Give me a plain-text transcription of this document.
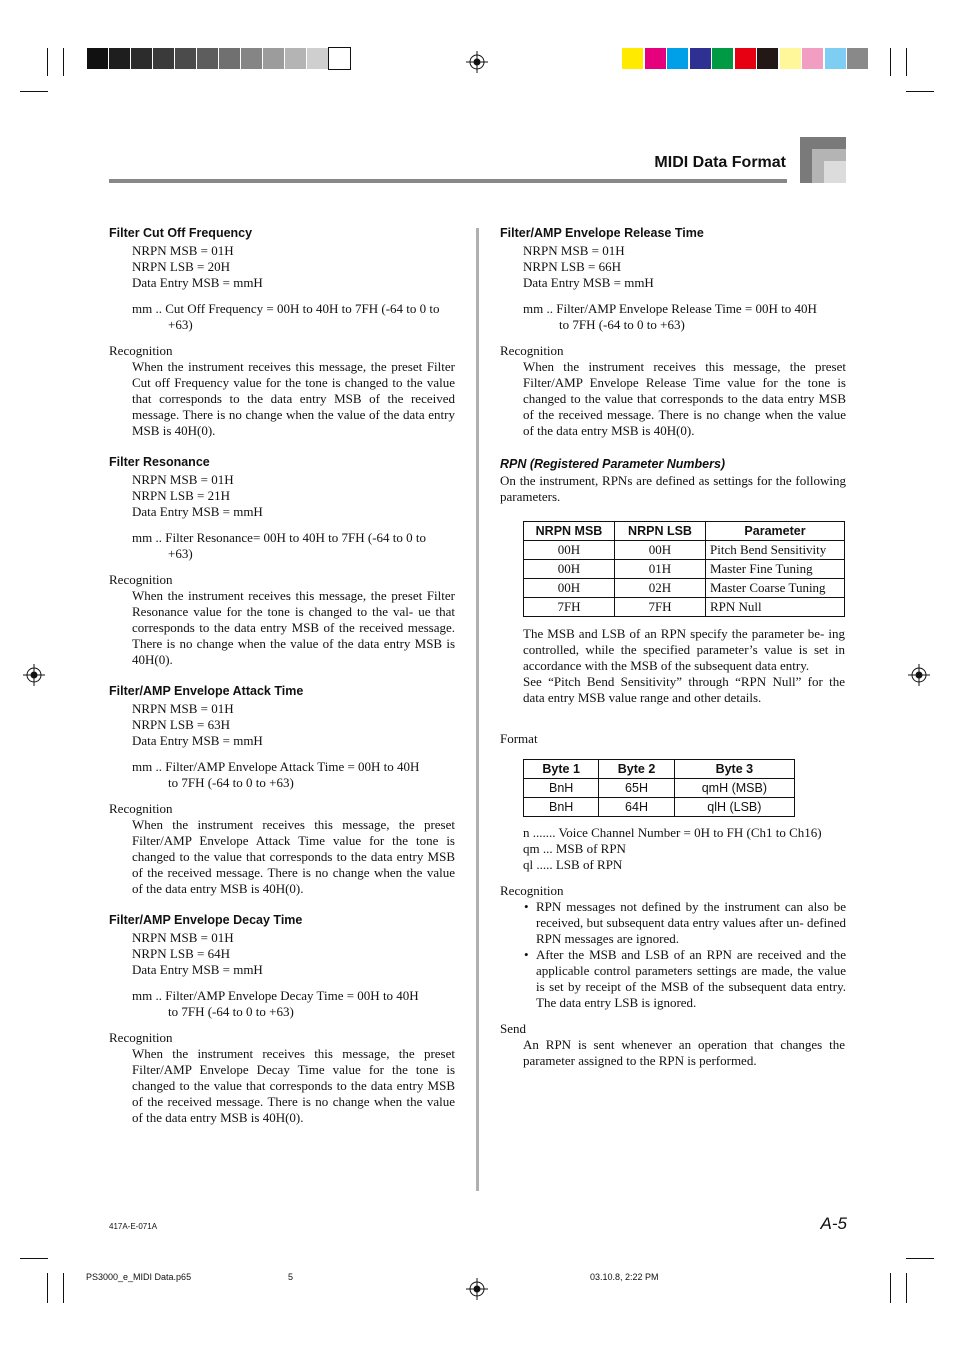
MIDI Data Format
Filter Cut Off Frequency

NRPN MSB = 01H

NRPN LSB = 20H

Data Entry MSB = mmH

mm .. Cut Off Frequency = 00H to 40H to 7FH (-64 to 0 to

+63)

Recognition
When the instrument receives this message, the preset Filter Cut off Frequency value for the tone is changed to the value that corresponds to the data entry MSB of the received message. There is no change when the value of the data entry MSB is 40H(0).
Filter Resonance

NRPN MSB = 01H

NRPN LSB = 21H

Data Entry MSB = mmH

mm .. Filter Resonance= 00H to 40H to 7FH (-64 to 0 to

+63)

Recognition
When the instrument receives this message, the preset Filter Resonance value for the tone is changed to the val- ue that corresponds to the data entry MSB of the received message. There is no change when the value of the data entry MSB is 40H(0).
Filter/AMP Envelope Attack Time

NRPN MSB = 01H

NRPN LSB = 63H

Data Entry MSB = mmH

mm .. Filter/AMP Envelope Attack Time = 00H to 40H

to 7FH (-64 to 0 to +63)

Recognition
When the instrument receives this message, the preset Filter/AMP Envelope Attack Time value for the tone is changed to the value that corresponds to the data entry MSB of the received message. There is no change when the value of the data entry MSB is 40H(0).
Filter/AMP Envelope Decay Time

NRPN MSB = 01H

NRPN LSB = 64H

Data Entry MSB = mmH

mm .. Filter/AMP Envelope Decay Time = 00H to 40H

to 7FH (-64 to 0 to +63)

Recognition
When the instrument receives this message, the preset Filter/AMP Envelope Decay Time value for the tone is changed to the value that corresponds to the data entry MSB of the received message. There is no change when the value of the data entry MSB is 40H(0).
Filter/AMP Envelope Release Time

NRPN MSB = 01H

NRPN LSB = 66H

Data Entry MSB = mmH

mm .. Filter/AMP Envelope Release Time = 00H to 40H

to 7FH (-64 to 0 to +63)

Recognition
When the instrument receives this message, the preset Filter/AMP Envelope Release Time value for the tone is changed to the value that corresponds to the data entry MSB of the received message. There is no change when the value of the data entry MSB is 40H(0).
RPN (Registered Parameter Numbers)
On the instrument, RPNs are defined as settings for the following parameters.
NRPN MSB	NRPN LSB	Parameter
00H	00H	Pitch Bend Sensitivity
00H	01H	Master Fine Tuning
00H	02H	Master Coarse Tuning
7FH	7FH	RPN Null

The MSB and LSB of an RPN specify the parameter be- ing controlled, while the specified parameter’s value is set in accordance with the MSB of the subsequent data entry.

See “Pitch Bend Sensitivity” through “RPN Null” for the data entry MSB value range and other details.

Format
Byte 1	Byte 2	Byte 3
BnH	65H	qmH (MSB)
BnH	64H	qlH (LSB)

n ....... Voice Channel Number = 0H to FH (Ch1 to Ch16)

qm ... MSB of RPN

ql ..... LSB of RPN

Recognition

• RPN messages not defined by the instrument can also be received, but subsequent data entry values after un- defined RPN messages are ignored.

• After the MSB and LSB of an RPN are received and the applicable control parameters settings are made, the value is set by receipt of the MSB of the subsequent data entry. The data entry LSB is ignored.

Send
An RPN is sent whenever an operation that changes the parameter assigned to the RPN is performed.
417A-E-071A	A-5
PS3000_e_MIDI Data.p65	5	03.10.8, 2:22 PM
